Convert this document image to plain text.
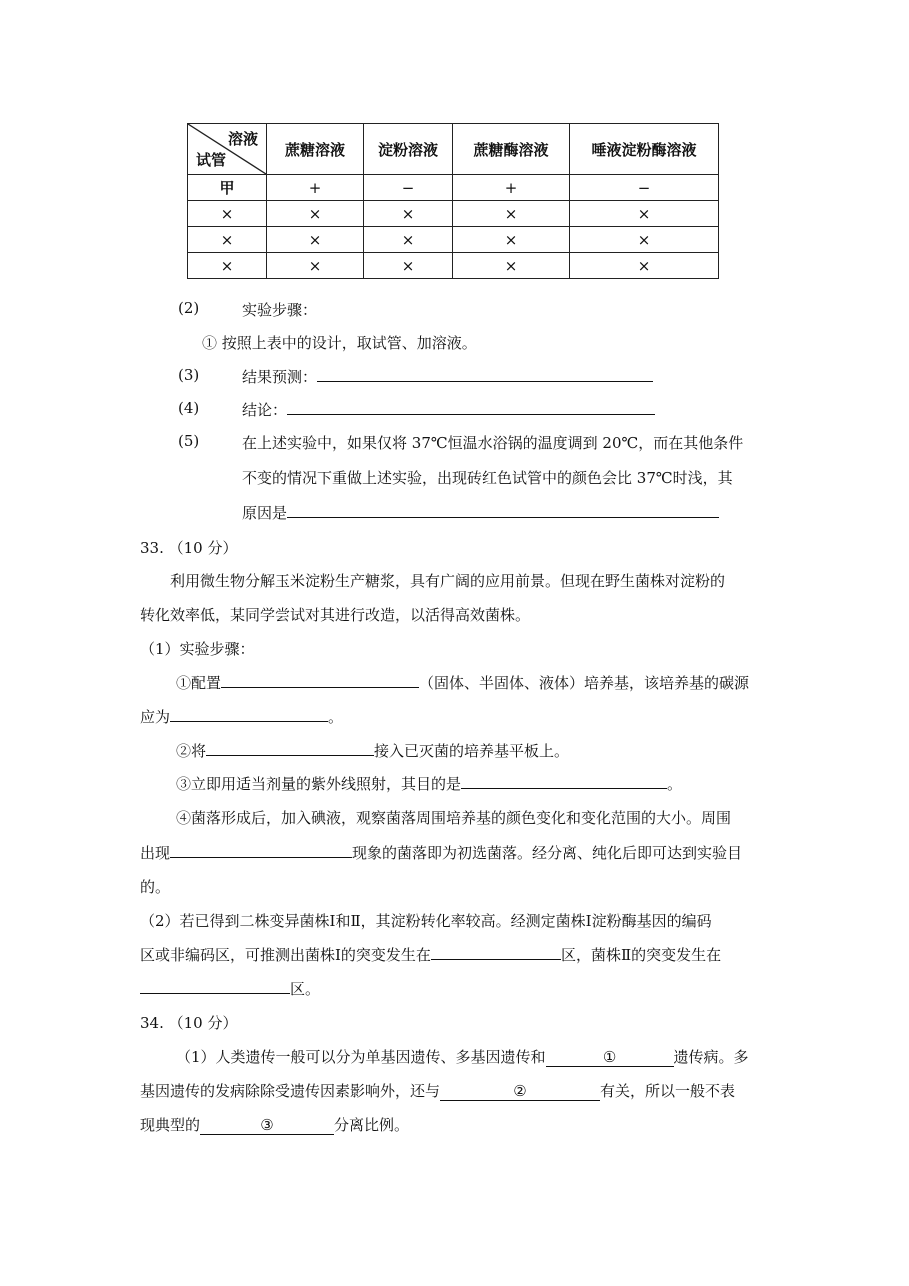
溶液
试管	蔗糖溶液	淀粉溶液	蔗糖酶溶液	唾液淀粉酶溶液
甲	+	−	+	−
×	×	×	×	×
×	×	×	×	×
×	×	×	×	×
(2)	实验步骤：
① 按照上表中的设计，取试管、加溶液。
(3)	结果预测：
(4)	结论：
(5)	在上述实验中，如果仅将 37℃恒温水浴锅的温度调到 20℃，而在其他条件
不变的情况下重做上述实验，出现砖红色试管中的颜色会比 37℃时浅，其
原因是
33. （10 分）
利用微生物分解玉米淀粉生产糖浆，具有广阔的应用前景。但现在野生菌株对淀粉的
转化效率低，某同学尝试对其进行改造，以活得高效菌株。
（1）实验步骤：
①配置	（固体、半固体、液体）培养基，该培养基的碳源
应为	。
②将	接入已灭菌的培养基平板上。
③立即用适当剂量的紫外线照射，其目的是	。
④菌落形成后，加入碘液，观察菌落周围培养基的颜色变化和变化范围的大小。周围
出现	现象的菌落即为初选菌落。经分离、纯化后即可达到实验目
的。
（2）若已得到二株变异菌株Ⅰ和Ⅱ，其淀粉转化率较高。经测定菌株Ⅰ淀粉酶基因的编码
区或非编码区，可推测出菌株Ⅰ的突变发生在	区，菌株Ⅱ的突变发生在
区。
34. （10 分）
（1）人类遗传一般可以分为单基因遗传、多基因遗传和	①	遗传病。多
基因遗传的发病除除受遗传因素影响外，还与	②	有关，所以一般不表
现典型的	③	分离比例。
